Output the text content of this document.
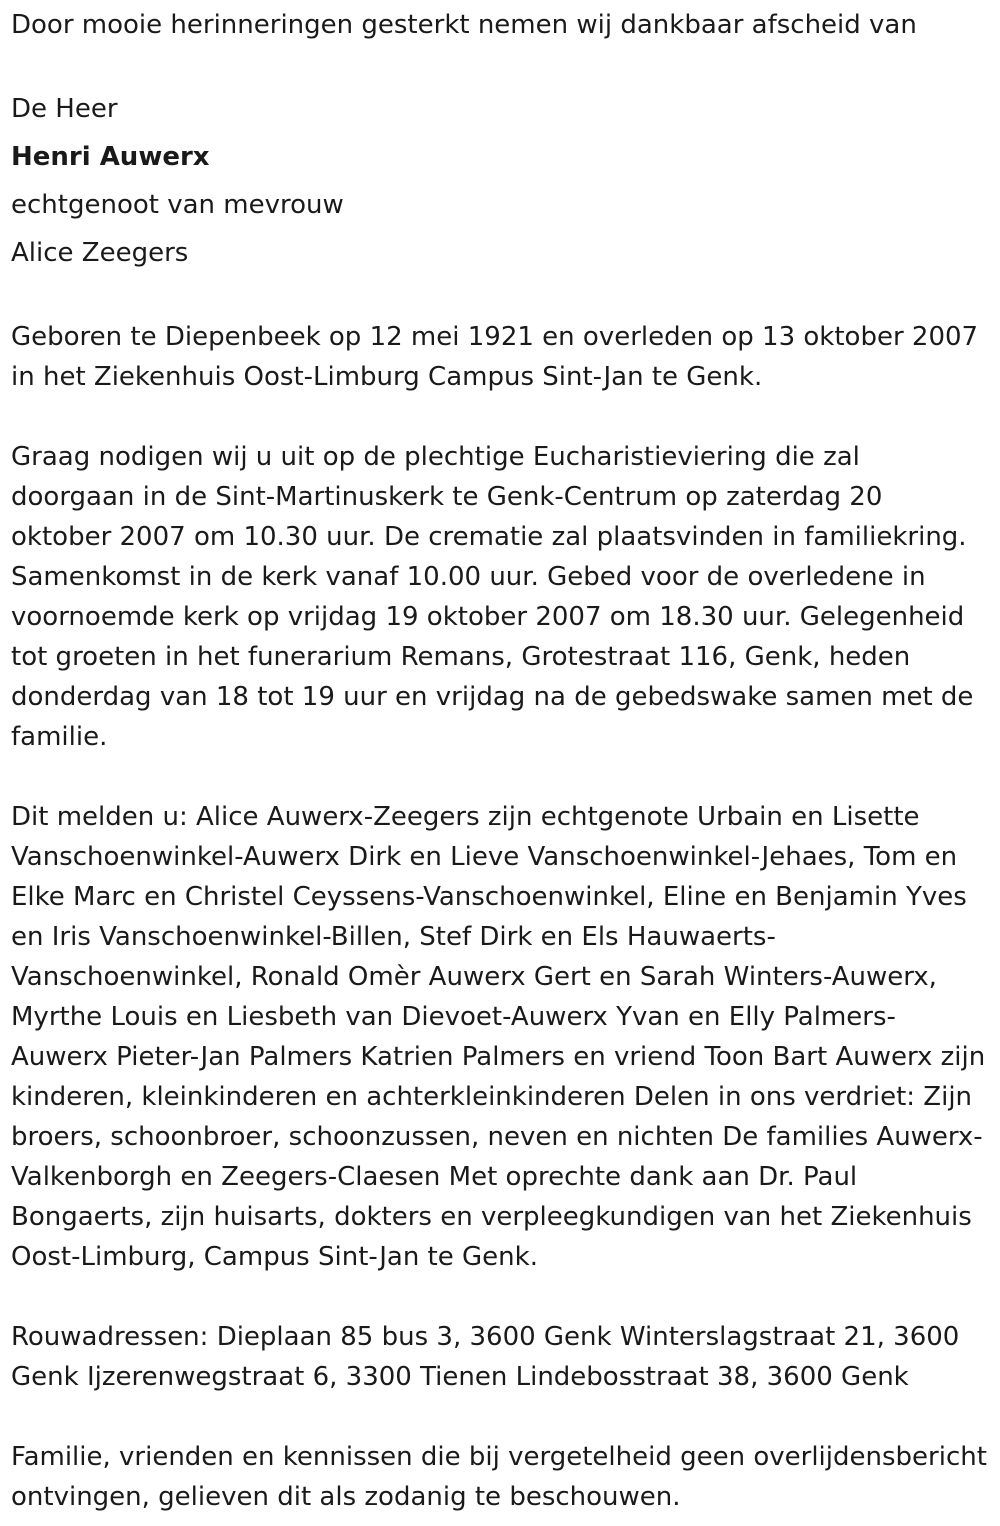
Door mooie herinneringen gesterkt nemen wij dankbaar afscheid van

De Heer

Henri Auwerx

echtgenoot van mevrouw

Alice Zeegers

Geboren te Diepenbeek op 12 mei 1921 en overleden op 13 oktober 2007 in het Ziekenhuis Oost-Limburg Campus Sint-Jan te Genk.

Graag nodigen wij u uit op de plechtige Eucharistieviering die zal doorgaan in de Sint-Martinuskerk te Genk-Centrum op zaterdag 20 oktober 2007 om 10.30 uur. De crematie zal plaatsvinden in familiekring. Samenkomst in de kerk vanaf 10.00 uur. Gebed voor de overledene in voornoemde kerk op vrijdag 19 oktober 2007 om 18.30 uur. Gelegenheid tot groeten in het funerarium Remans, Grotestraat 116, Genk, heden donderdag van 18 tot 19 uur en vrijdag na de gebedswake samen met de familie.

Dit melden u: Alice Auwerx-Zeegers zijn echtgenote Urbain en Lisette Vanschoenwinkel-Auwerx Dirk en Lieve Vanschoenwinkel-Jehaes, Tom en Elke Marc en Christel Ceyssens-Vanschoenwinkel, Eline en Benjamin Yves en Iris Vanschoenwinkel-Billen, Stef Dirk en Els Hauwaerts-Vanschoenwinkel, Ronald Omèr Auwerx Gert en Sarah Winters-Auwerx, Myrthe Louis en Liesbeth van Dievoet-Auwerx Yvan en Elly Palmers-Auwerx Pieter-Jan Palmers Katrien Palmers en vriend Toon Bart Auwerx zijn kinderen, kleinkinderen en achterkleinkinderen Delen in ons verdriet: Zijn broers, schoonbroer, schoonzussen, neven en nichten De families Auwerx-Valkenborgh en Zeegers-Claesen Met oprechte dank aan Dr. Paul Bongaerts, zijn huisarts, dokters en verpleegkundigen van het Ziekenhuis Oost-Limburg, Campus Sint-Jan te Genk.

Rouwadressen: Dieplaan 85 bus 3, 3600 Genk Winterslagstraat 21, 3600 Genk Ijzerenwegstraat 6, 3300 Tienen Lindebosstraat 38, 3600 Genk

Familie, vrienden en kennissen die bij vergetelheid geen overlijdensbericht ontvingen, gelieven dit als zodanig te beschouwen.
